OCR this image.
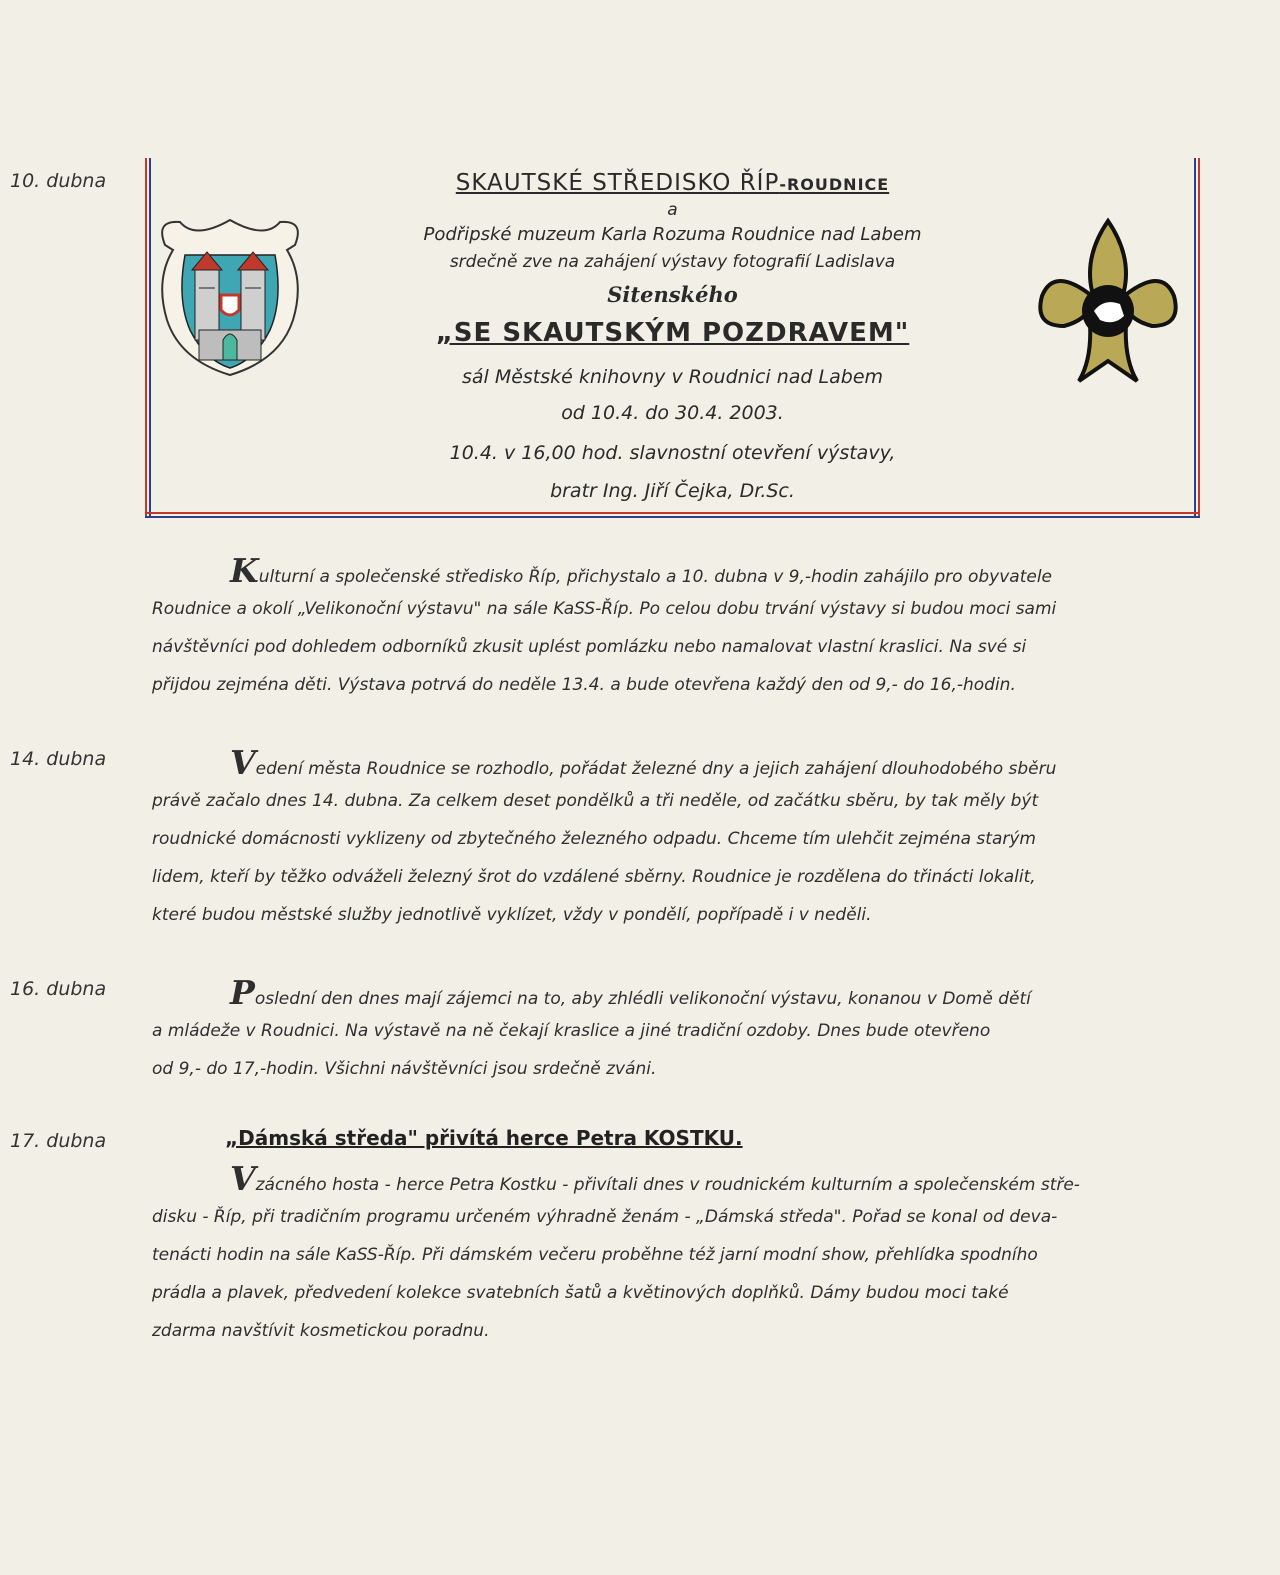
10. dubna	SKAUTSKÉ STŘEDISKO ŘÍP-ROUDNICE
a
Podřipské muzeum Karla Rozuma Roudnice nad Labem
srdečně zve na zahájení výstavy fotografií Ladislava
Sitenského
„SE SKAUTSKÝM POZDRAVEM"
sál Městské knihovny v Roudnici nad Labem
od 10.4. do 30.4. 2003.
10.4. v 16,00 hod. slavnostní otevření výstavy,
bratr Ing. Jiří Čejka, Dr.Sc.
Kulturní a společenské středisko Říp, přichystalo a 10. dubna v 9,-hodin zahájilo pro obyvatele
Roudnice a okolí „Velikonoční výstavu" na sále KaSS-Říp. Po celou dobu trvání výstavy si budou moci sami
návštěvníci pod dohledem odborníků zkusit uplést pomlázku nebo namalovat vlastní kraslici. Na své si
přijdou zejména děti. Výstava potrvá do neděle 13.4. a bude otevřena každý den od 9,- do 16,-hodin.
14. dubna	Vedení města Roudnice se rozhodlo, pořádat železné dny a jejich zahájení dlouhodobého sběru
právě začalo dnes 14. dubna. Za celkem deset pondělků a tři neděle, od začátku sběru, by tak měly být
roudnické domácnosti vyklizeny od zbytečného železného odpadu. Chceme tím ulehčit zejména starým
lidem, kteří by těžko odváželi železný šrot do vzdálené sběrny. Roudnice je rozdělena do třinácti lokalit,
které budou městské služby jednotlivě vyklízet, vždy v pondělí, popřípadě i v neděli.
16. dubna	Poslední den dnes mají zájemci na to, aby zhlédli velikonoční výstavu, konanou v Domě dětí
a mládeže v Roudnici. Na výstavě na ně čekají kraslice a jiné tradiční ozdoby. Dnes bude otevřeno
od 9,- do 17,-hodin. Všichni návštěvníci jsou srdečně zváni.
17. dubna	„Dámská středa" přivítá herce Petra KOSTKU.
Vzácného hosta - herce Petra Kostku - přivítali dnes v roudnickém kulturním a společenském stře-
disku - Říp, při tradičním programu určeném výhradně ženám - „Dámská středa". Pořad se konal od devа-
tenácti hodin na sále KaSS-Říp. Při dámském večeru proběhne též jarní modní show, přehlídka spodního
prádla a plavek, předvedení kolekce svatebních šatů a květinových doplňků. Dámy budou moci také
zdarma navštívit kosmetickou poradnu.
